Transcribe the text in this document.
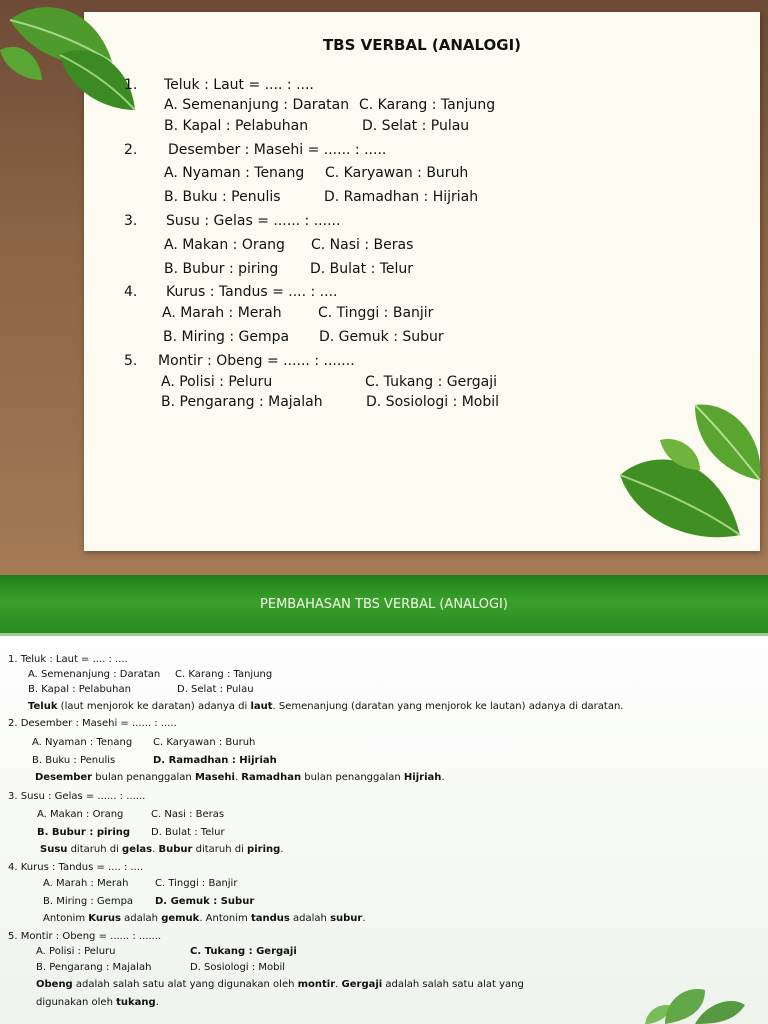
TBS VERBAL (ANALOGI)
1. Teluk : Laut = .... : ....
A. Semenanjung : Daratan C. Karang : Tanjung
B. Kapal : Pelabuhan	D. Selat : Pulau
2. Desember : Masehi = ...... : .....
A. Nyaman : Tenang C. Karyawan : Buruh
B. Buku : Penulis	D. Ramadhan : Hijriah
3. Susu : Gelas = ...... : ......
A. Makan : Orang C. Nasi : Beras
B. Bubur : piring D. Bulat : Telur
4. Kurus : Tandus = .... : ....
A. Marah : Merah	C. Tinggi : Banjir
B. Miring : Gempa D. Gemuk : Subur
5. Montir : Obeng = ...... : .......
A. Polisi : Peluru	C. Tukang : Gergaji
B. Pengarang : Majalah	D. Sosiologi : Mobil
PEMBAHASAN TBS VERBAL (ANALOGI)
1. Teluk : Laut = .... : ....
A. Semenanjung : Daratan C. Karang : Tanjung
B. Kapal : Pelabuhan	D. Selat : Pulau
Teluk (laut menjorok ke daratan) adanya di laut. Semenanjung (daratan yang menjorok ke lautan) adanya di daratan.
2. Desember : Masehi = ...... : .....
A. Nyaman : Tenang C. Karyawan : Buruh
B. Buku : Penulis	D. Ramadhan : Hijriah
Desember bulan penanggalan Masehi. Ramadhan bulan penanggalan Hijriah.
3. Susu : Gelas = ...... : ......
A. Makan : Orang	C. Nasi : Beras
B. Bubur : piring D. Bulat : Telur
Susu ditaruh di gelas. Bubur ditaruh di piring.
4. Kurus : Tandus = .... : ....
A. Marah : Merah	C. Tinggi : Banjir
B. Miring : Gempa D. Gemuk : Subur
Antonim Kurus adalah gemuk. Antonim tandus adalah subur.
5. Montir : Obeng = ...... : .......
A. Polisi : Peluru	C. Tukang : Gergaji
B. Pengarang : Majalah	D. Sosiologi : Mobil
Obeng adalah salah satu alat yang digunakan oleh montir. Gergaji adalah salah satu alat yang
digunakan oleh tukang.
